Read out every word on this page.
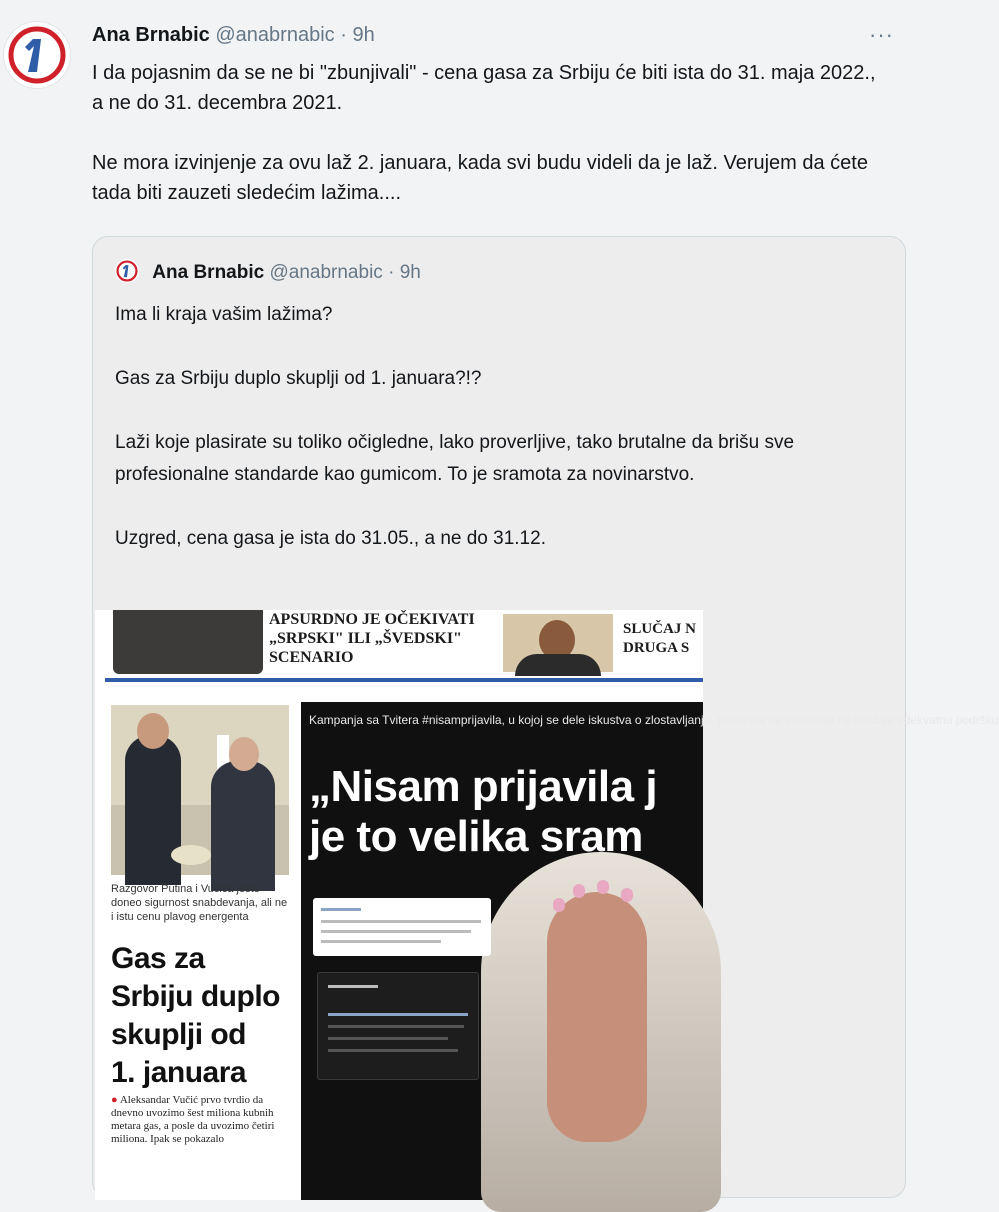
Ana Brnabic @anabrnabic · 9h	···

I da pojasnim da se ne bi "zbunjivali" - cena gasa za Srbiju će biti ista do 31. maja 2022., a ne do 31. decembra 2021.

Ne mora izvinjenje za ovu laž 2. januara, kada svi budu videli da je laž. Verujem da ćete tada biti zauzeti sledećim lažima....

Ana Brnabic @anabrnabic · 9h

Ima li kraja vašim lažima?

Gas za Srbiju duplo skuplji od 1. januara?!?

Laži koje plasirate su toliko očigledne, lako proverljive, tako brutalne da brišu sve profesionalne standarde kao gumicom. To je sramota za novinarstvo.

Uzgred, cena gasa je ista do 31.05., a ne do 31.12.

APSURDNO JE OČEKIVATI „SRPSKI" ILI „ŠVEDSKI" SCENARIO
SLUČAJ N DRUGA S
Razgovor Putina i Vučića jeste doneo sigurnost snabdevanja, ali ne i istu cenu plavog energenta
Gas za
Srbiju duplo
skuplji od
1. januara
● Aleksandar Vučić prvo tvrdio da dnevno uvozimo šest miliona kubnih metara gas, a posle da uvozimo četiri miliona. Ipak se pokazalo
Kampanja sa Tvitera #nisamprijavila, u kojoj se dele iskustva o zlostavljanju, pokazala da institucije ne pružaju adekvatnu podršku
„Nisam prijavila j
je to velika sram
